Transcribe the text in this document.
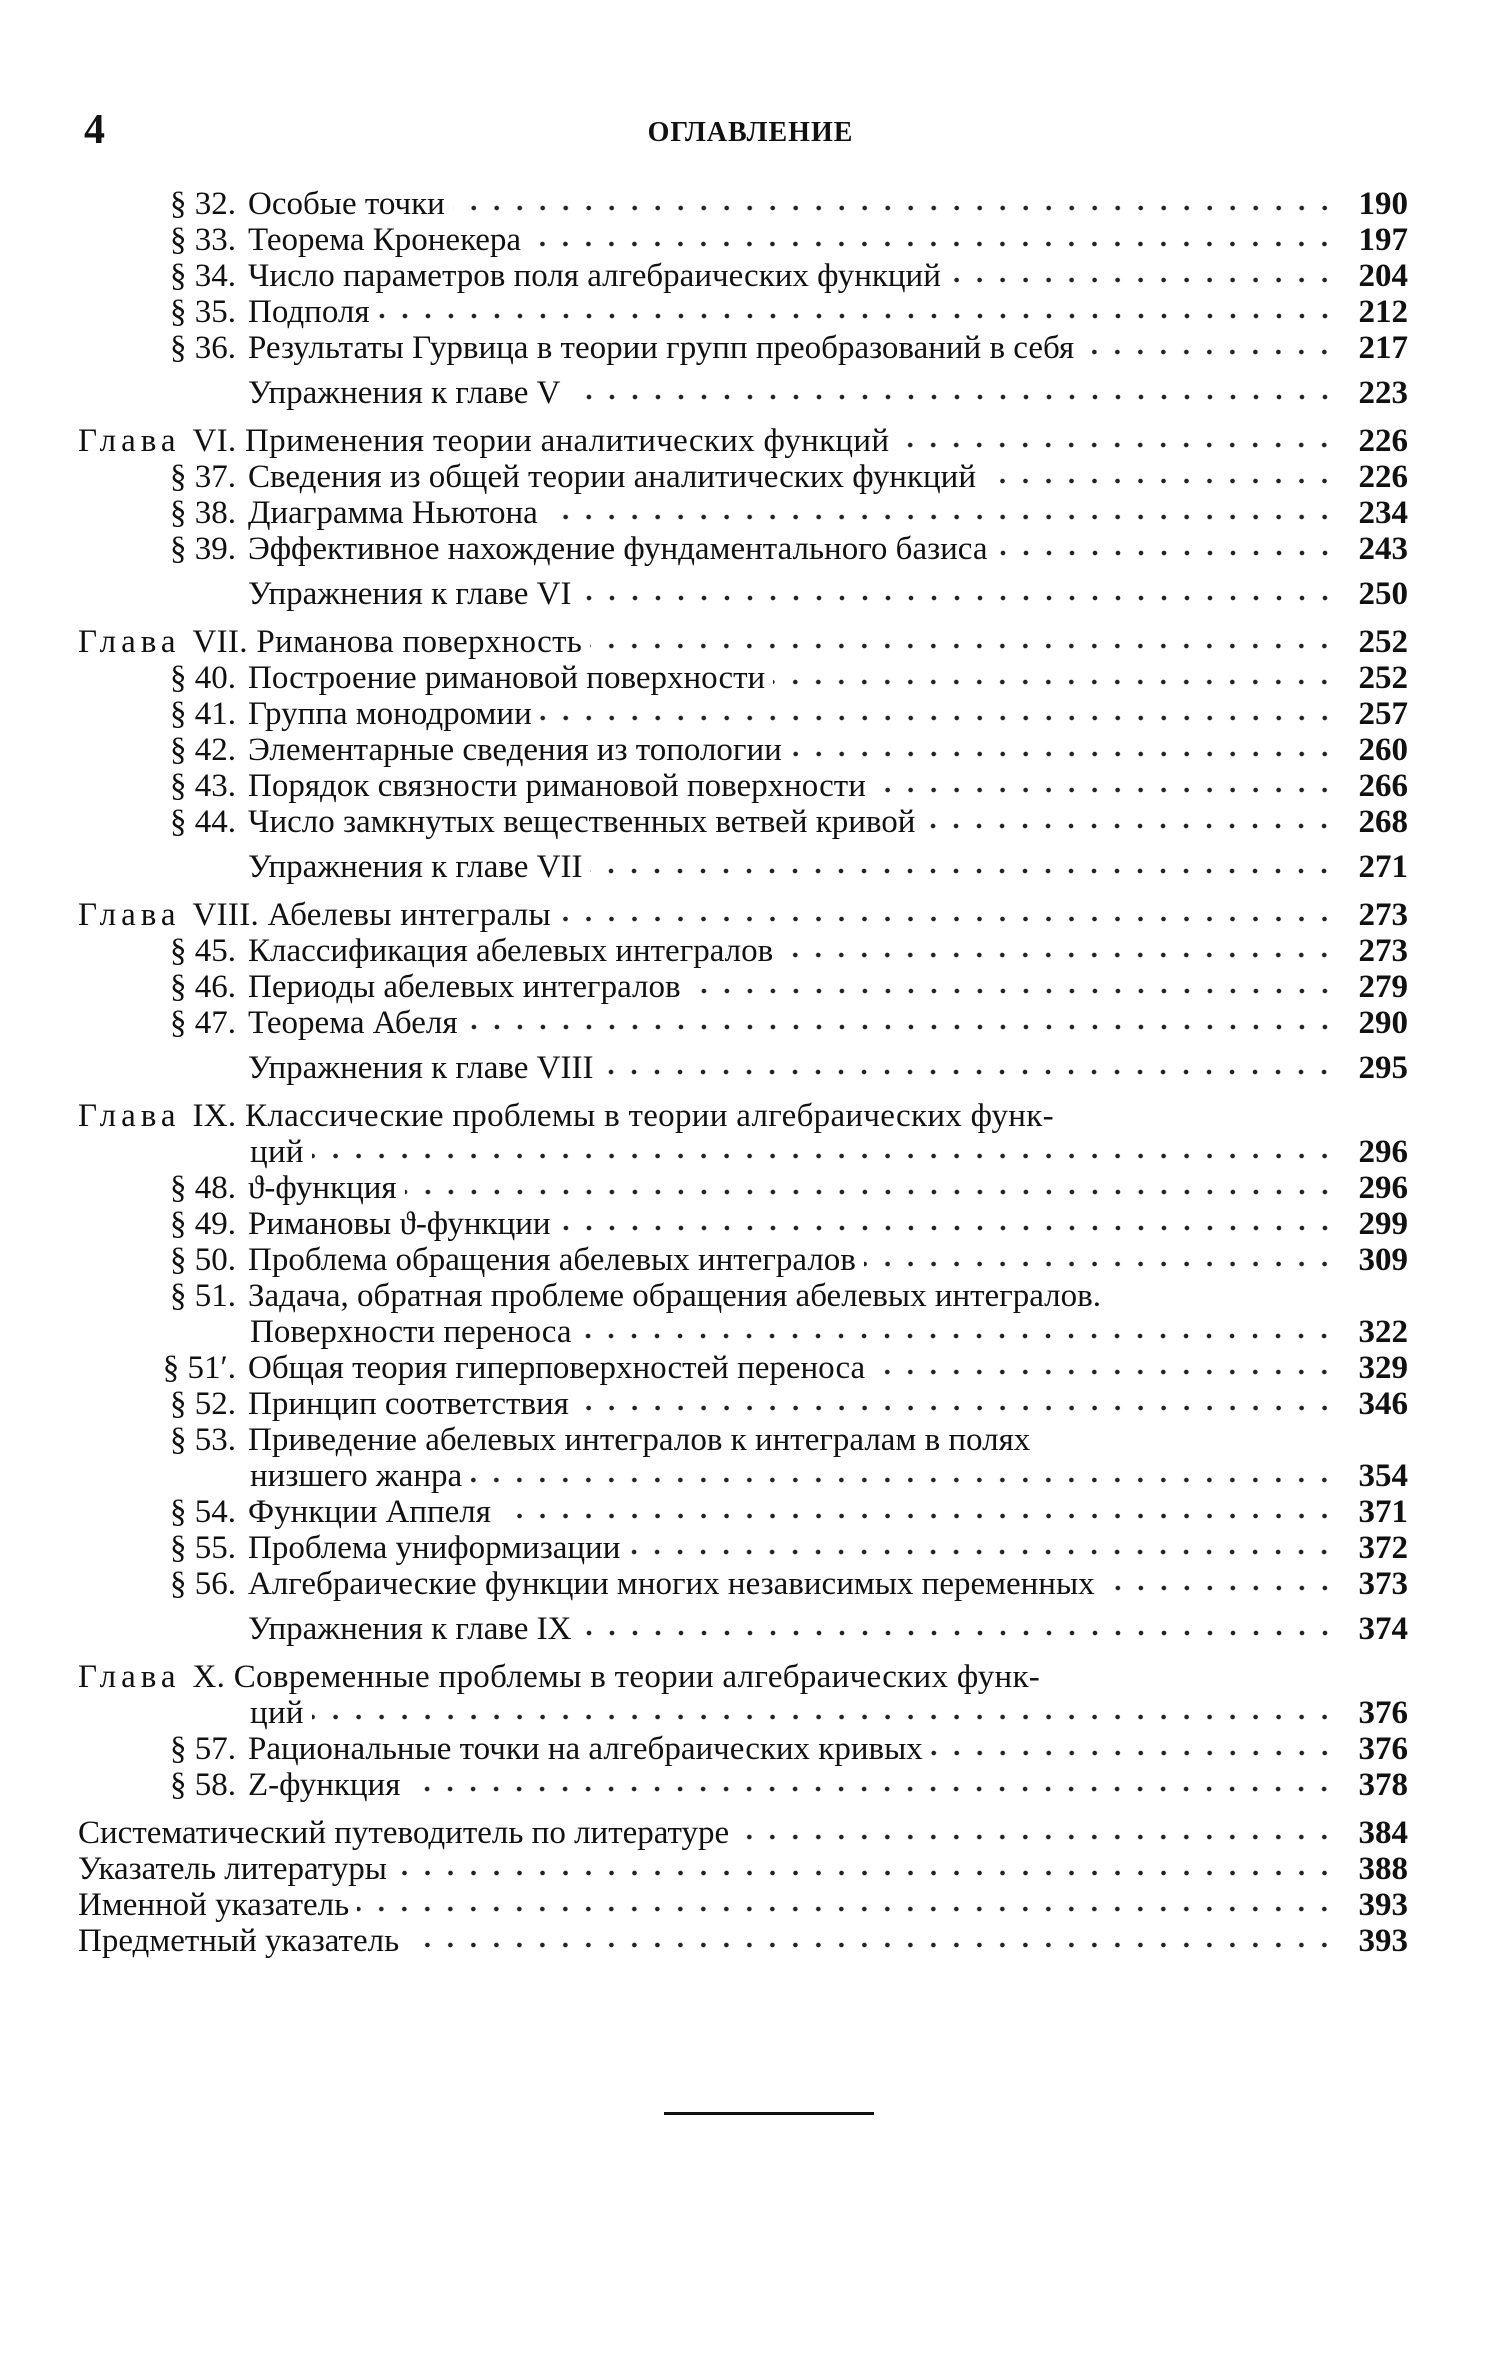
4	ОГЛАВЛЕНИЕ
§ 32. Особые точки	190
§ 33. Теорема Кронекера	197
§ 34. Число параметров поля алгебраических функций	204
§ 35. Подполя	212
§ 36. Результаты Гурвица в теории групп преобразований в себя	217
Упражнения к главе V	223
Глава VI. Применения теории аналитических функций	226
§ 37. Сведения из общей теории аналитических функций	226
§ 38. Диаграмма Ньютона	234
§ 39. Эффективное нахождение фундаментального базиса	243
Упражнения к главе VI	250
Глава VII. Риманова поверхность	252
§ 40. Построение римановой поверхности	252
§ 41. Группа монодромии	257
§ 42. Элементарные сведения из топологии	260
§ 43. Порядок связности римановой поверхности	266
§ 44. Число замкнутых вещественных ветвей кривой	268
Упражнения к главе VII	271
Глава VIII. Абелевы интегралы	273
§ 45. Классификация абелевых интегралов	273
§ 46. Периоды абелевых интегралов	279
§ 47. Теорема Абеля	290
Упражнения к главе VIII	295
Глава IX. Классические проблемы в теории алгебраических функ-
ций	296
§ 48. ϑ-функция	296
§ 49. Римановы ϑ-функции	299
§ 50. Проблема обращения абелевых интегралов	309
§ 51. Задача, обратная проблеме обращения абелевых интегралов.
Поверхности переноса	322
§ 51′. Общая теория гиперповерхностей переноса	329
§ 52. Принцип соответствия	346
§ 53. Приведение абелевых интегралов к интегралам в полях
низшего жанра	354
§ 54. Функции Аппеля	371
§ 55. Проблема униформизации	372
§ 56. Алгебраические функции многих независимых переменных	373
Упражнения к главе IX	374
Глава X. Современные проблемы в теории алгебраических функ-
ций	376
§ 57. Рациональные точки на алгебраических кривых	376
§ 58. Z-функция	378
Систематический путеводитель по литературе	384
Указатель литературы	388
Именной указатель	393
Предметный указатель	393
